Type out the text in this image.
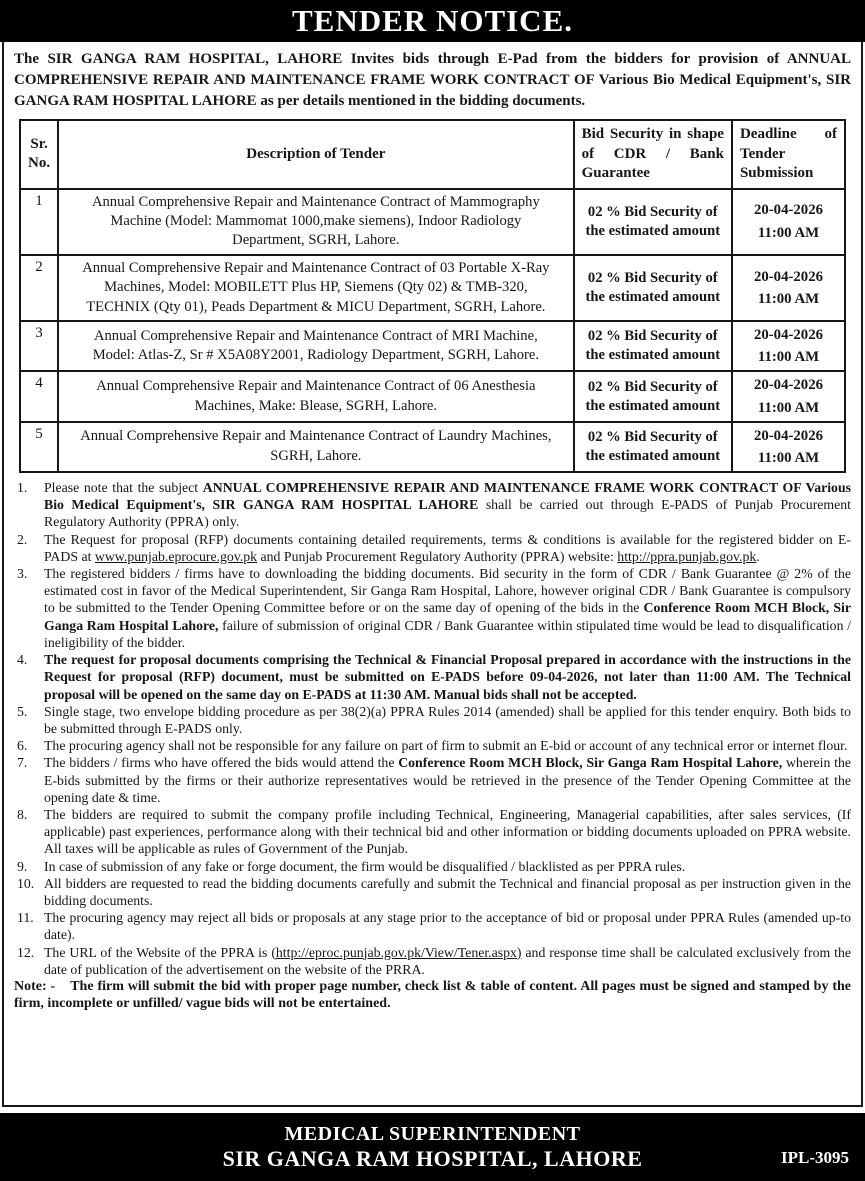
TENDER NOTICE.

The SIR GANGA RAM HOSPITAL, LAHORE Invites bids through E-Pad from the bidders for provision of ANNUAL COMPREHENSIVE REPAIR AND MAINTENANCE FRAME WORK CONTRACT OF Various Bio Medical Equipment's, SIR GANGA RAM HOSPITAL LAHORE as per details mentioned in the bidding documents.

Sr. No.	Description of Tender	Bid Security in shape of CDR / Bank Guarantee	Deadline of Tender Submission
1	Annual Comprehensive Repair and Maintenance Contract of Mammography Machine (Model: Mammomat 1000,make siemens), Indoor Radiology Department, SGRH, Lahore.	02 % Bid Security of the estimated amount	20-04-2026
11:00 AM

2	Annual Comprehensive Repair and Maintenance Contract of 03 Portable X-Ray Machines, Model: MOBILETT Plus HP, Siemens (Qty 02) & TMB-320, TECHNIX (Qty 01), Peads Department & MICU Department, SGRH, Lahore.	02 % Bid Security of the estimated amount	20-04-2026
11:00 AM

3	Annual Comprehensive Repair and Maintenance Contract of MRI Machine, Model: Atlas-Z, Sr # X5A08Y2001, Radiology Department, SGRH, Lahore.	02 % Bid Security of the estimated amount	20-04-2026
11:00 AM

4	Annual Comprehensive Repair and Maintenance Contract of 06 Anesthesia Machines, Make: Blease, SGRH, Lahore.	02 % Bid Security of the estimated amount	20-04-2026
11:00 AM

5	Annual Comprehensive Repair and Maintenance Contract of Laundry Machines, SGRH, Lahore.	02 % Bid Security of the estimated amount	20-04-2026
11:00 AM
1.	Please note that the subject ANNUAL COMPREHENSIVE REPAIR AND MAINTENANCE FRAME WORK CONTRACT OF Various Bio Medical Equipment's, SIR GANGA RAM HOSPITAL LAHORE shall be carried out through E-PADS of Punjab Procurement Regulatory Authority (PPRA) only.
2.	The Request for proposal (RFP) documents containing detailed requirements, terms & conditions is available for the registered bidder on E-PADS at www.punjab.eprocure.gov.pk and Punjab Procurement Regulatory Authority (PPRA) website: http://ppra.punjab.gov.pk.
3.	The registered bidders / firms have to downloading the bidding documents. Bid security in the form of CDR / Bank Guarantee @ 2% of the estimated cost in favor of the Medical Superintendent, Sir Ganga Ram Hospital, Lahore, however original CDR / Bank Guarantee is compulsory to be submitted to the Tender Opening Committee before or on the same day of opening of the bids in the Conference Room MCH Block, Sir Ganga Ram Hospital Lahore, failure of submission of original CDR / Bank Guarantee within stipulated time would be lead to disqualification / ineligibility of the bidder.
4.	The request for proposal documents comprising the Technical & Financial Proposal prepared in accordance with the instructions in the Request for proposal (RFP) document, must be submitted on E-PADS before 09-04-2026, not later than 11:00 AM. The Technical proposal will be opened on the same day on E-PADS at 11:30 AM. Manual bids shall not be accepted.
5.	Single stage, two envelope bidding procedure as per 38(2)(a) PPRA Rules 2014 (amended) shall be applied for this tender enquiry. Both bids to be submitted through E-PADS only.
6.	The procuring agency shall not be responsible for any failure on part of firm to submit an E-bid or account of any technical error or internet flour.
7.	The bidders / firms who have offered the bids would attend the Conference Room MCH Block, Sir Ganga Ram Hospital Lahore, wherein the E-bids submitted by the firms or their authorize representatives would be retrieved in the presence of the Tender Opening Committee at the opening date & time.
8.	The bidders are required to submit the company profile including Technical, Engineering, Managerial capabilities, after sales services, (If applicable) past experiences, performance along with their technical bid and other information or bidding documents uploaded on PPRA website. All taxes will be applicable as rules of Government of the Punjab.
9.	In case of submission of any fake or forge document, the firm would be disqualified / blacklisted as per PPRA rules.
10. All bidders are requested to read the bidding documents carefully and submit the Technical and financial proposal as per instruction given in the bidding documents.
11. The procuring agency may reject all bids or proposals at any stage prior to the acceptance of bid or proposal under PPRA Rules (amended up-to date).
12. The URL of the Website of the PPRA is (http://eproc.punjab.gov.pk/View/Tener.aspx) and response time shall be calculated exclusively from the date of publication of the advertisement on the website of the PRRA.

Note: - The firm will submit the bid with proper page number, check list & table of content. All pages must be signed and stamped by the firm, incomplete or unfilled/ vague bids will not be entertained.

MEDICAL SUPERINTENDENT
SIR GANGA RAM HOSPITAL, LAHORE	IPL-3095
